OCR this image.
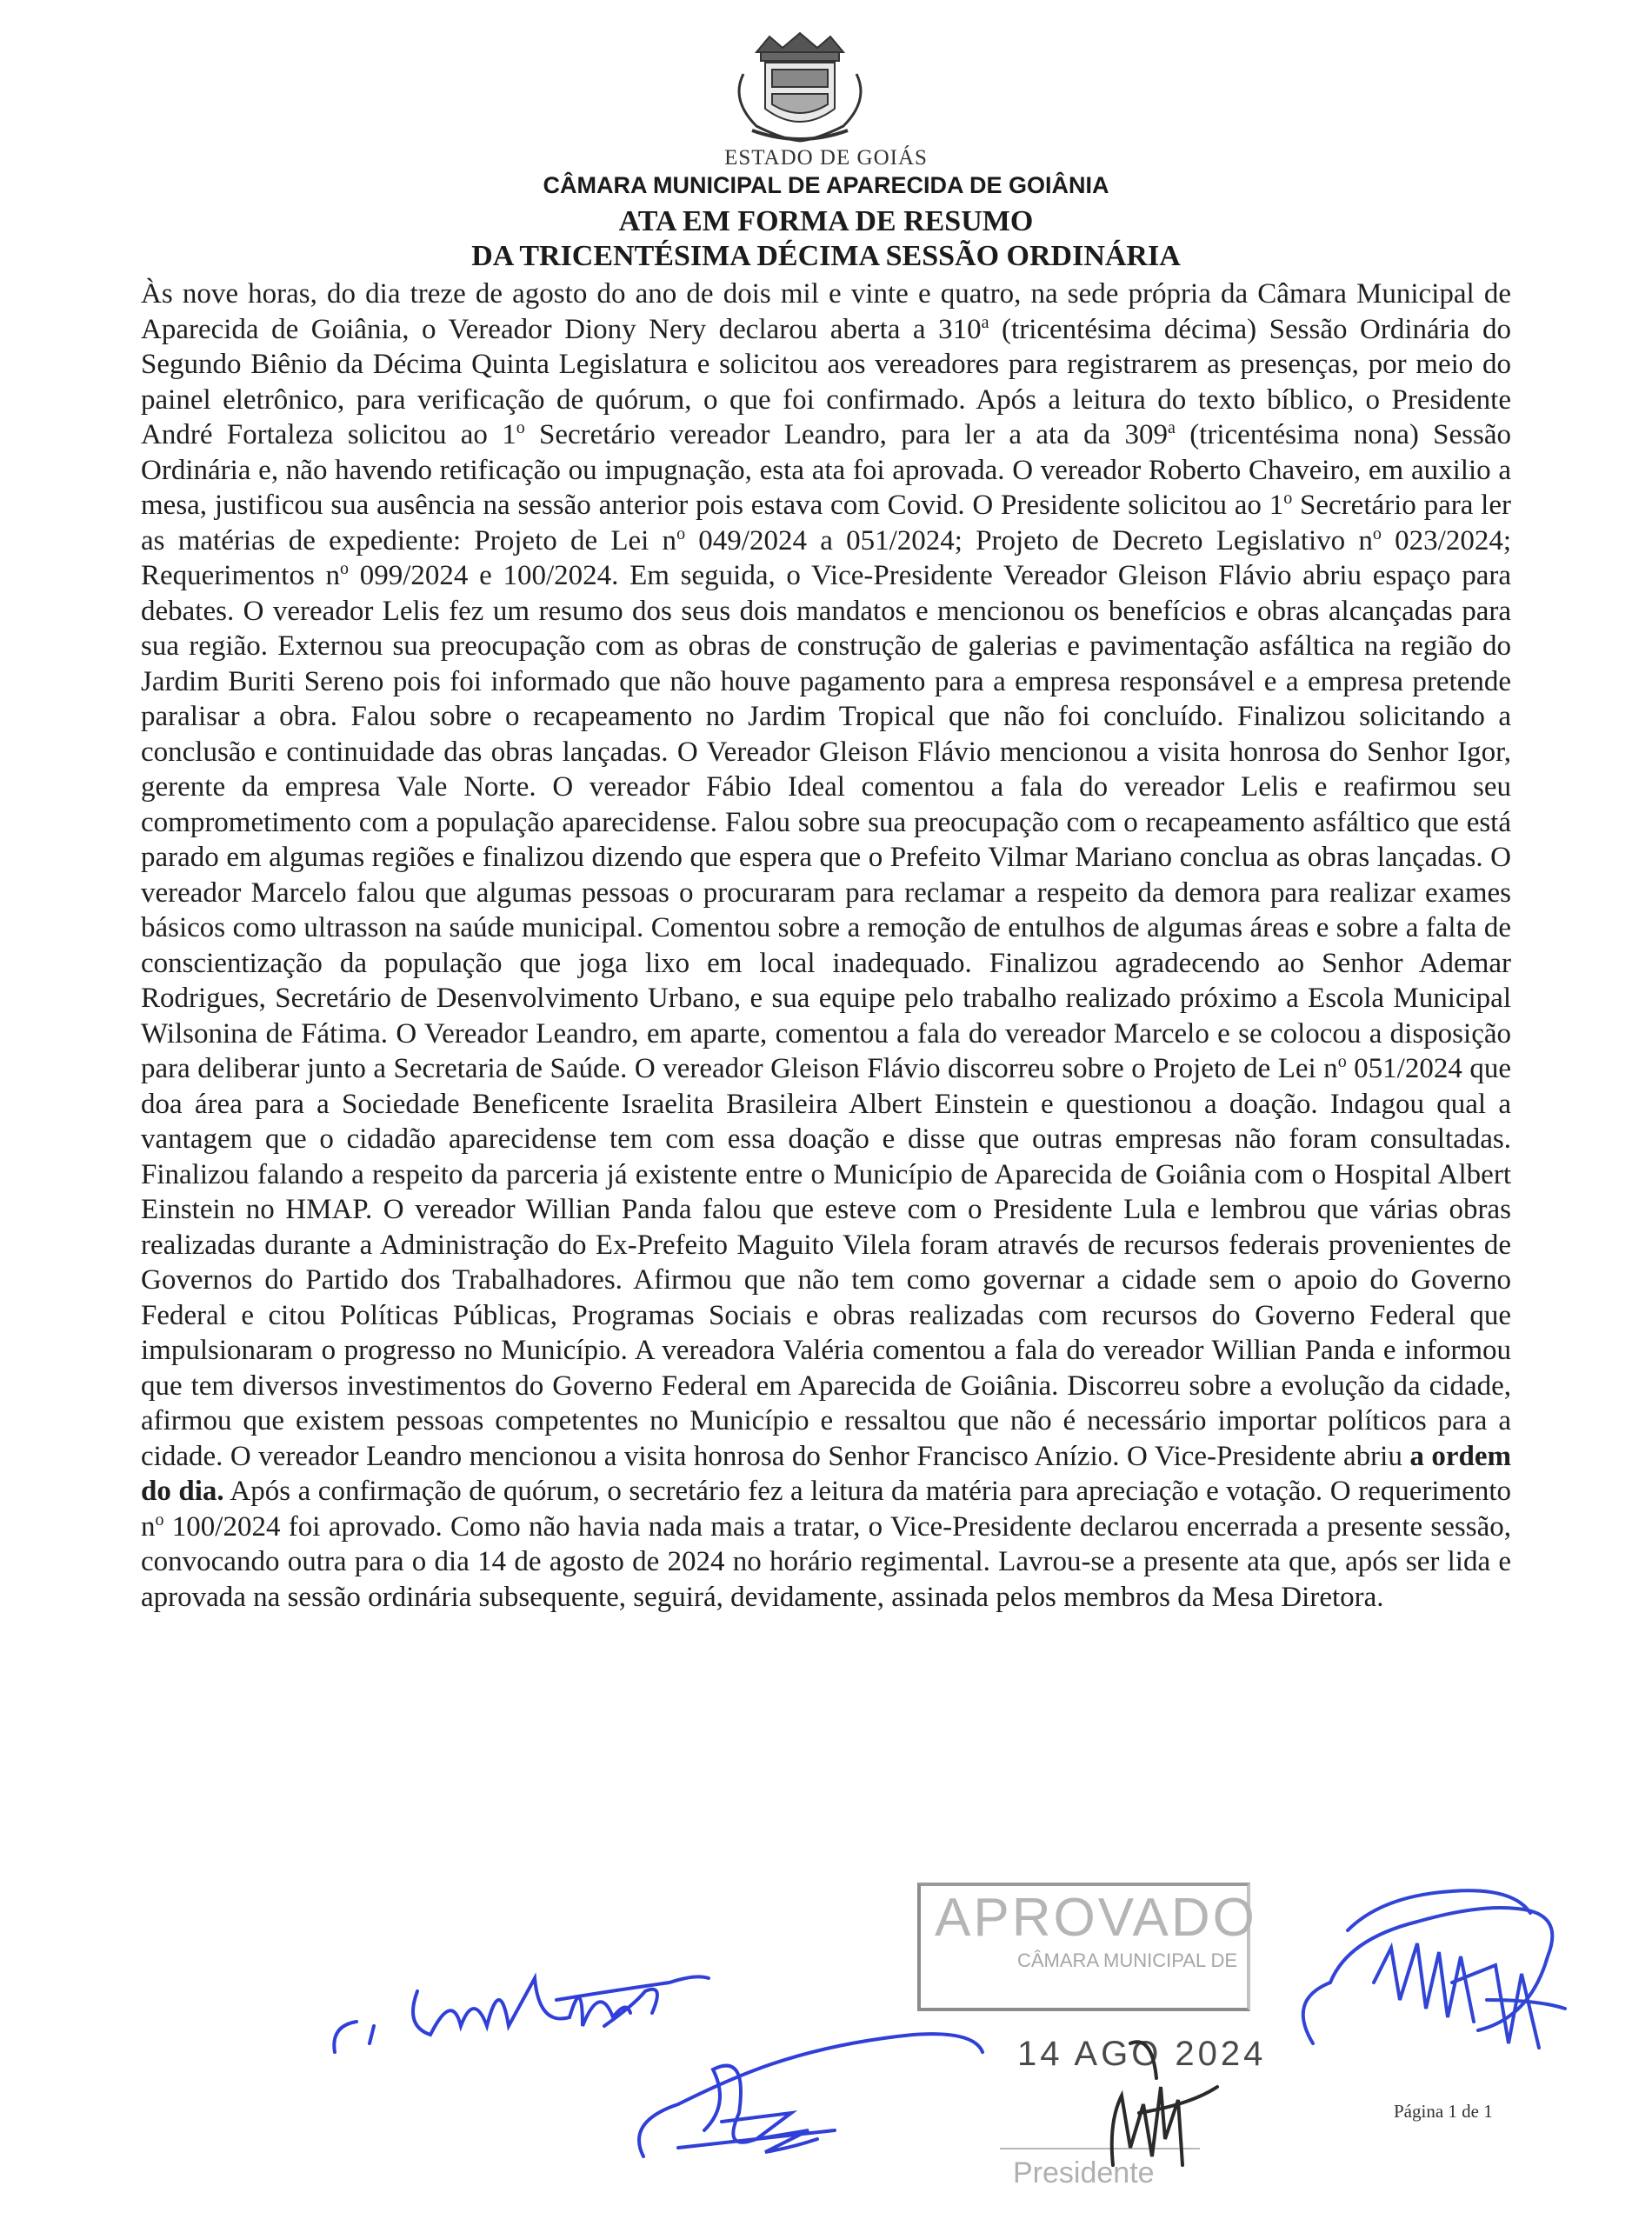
ESTADO DE GOIÁS
CÂMARA MUNICIPAL DE APARECIDA DE GOIÂNIA
ATA EM FORMA DE RESUMO
DA TRICENTÉSIMA DÉCIMA SESSÃO ORDINÁRIA
Às nove horas, do dia treze de agosto do ano de dois mil e vinte e quatro, na sede própria da Câmara Municipal de Aparecida de Goiânia, o Vereador Diony Nery declarou aberta a 310$^a$ (tricentésima décima) Sessão Ordinária do Segundo Biênio da Décima Quinta Legislatura e solicitou aos vereadores para registrarem as presenças, por meio do painel eletrônico, para verificação de quórum, o que foi confirmado. Após a leitura do texto bíblico, o Presidente André Fortaleza solicitou ao 1$^o$ Secretário vereador Leandro, para ler a ata da 309$^a$ (tricentésima nona) Sessão Ordinária e, não havendo retificação ou impugnação, esta ata foi aprovada. O vereador Roberto Chaveiro, em auxilio a mesa, justificou sua ausência na sessão anterior pois estava com Covid. O Presidente solicitou ao 1$^o$ Secretário para ler as matérias de expediente: Projeto de Lei $n^o$ 049/2024 a 051/2024; Projeto de Decreto Legislativo $n^o$ 023/2024; Requerimentos $n^o$ 099/2024 e 100/2024. Em seguida, o Vice-Presidente Vereador Gleison Flávio abriu espaço para debates. O vereador Lelis fez um resumo dos seus dois mandatos e mencionou os benefícios e obras alcançadas para sua região. Externou sua preocupação com as obras de construção de galerias e pavimentação asfáltica na região do Jardim Buriti Sereno pois foi informado que não houve pagamento para a empresa responsável e a empresa pretende paralisar a obra. Falou sobre o recapeamento no Jardim Tropical que não foi concluído. Finalizou solicitando a conclusão e continuidade das obras lançadas. O Vereador Gleison Flávio mencionou a visita honrosa do Senhor Igor, gerente da empresa Vale Norte. O vereador Fábio Ideal comentou a fala do vereador Lelis e reafirmou seu comprometimento com a população aparecidense. Falou sobre sua preocupação com o recapeamento asfáltico que está parado em algumas regiões e finalizou dizendo que espera que o Prefeito Vilmar Mariano conclua as obras lançadas. O vereador Marcelo falou que algumas pessoas o procuraram para reclamar a respeito da demora para realizar exames básicos como ultrasson na saúde municipal. Comentou sobre a remoção de entulhos de algumas áreas e sobre a falta de conscientização da população que joga lixo em local inadequado. Finalizou agradecendo ao Senhor Ademar Rodrigues, Secretário de Desenvolvimento Urbano, e sua equipe pelo trabalho realizado próximo a Escola Municipal Wilsonina de Fátima. O Vereador Leandro, em aparte, comentou a fala do vereador Marcelo e se colocou a disposição para deliberar junto a Secretaria de Saúde. O vereador Gleison Flávio discorreu sobre o Projeto de Lei $n^o$ 051/2024 que doa área para a Sociedade Beneficente Israelita Brasileira Albert Einstein e questionou a doação. Indagou qual a vantagem que o cidadão aparecidense tem com essa doação e disse que outras empresas não foram consultadas. Finalizou falando a respeito da parceria já existente entre o Município de Aparecida de Goiânia com o Hospital Albert Einstein no HMAP. O vereador Willian Panda falou que esteve com o Presidente Lula e lembrou que várias obras realizadas durante a Administração do Ex-Prefeito Maguito Vilela foram através de recursos federais provenientes de Governos do Partido dos Trabalhadores. Afirmou que não tem como governar a cidade sem o apoio do Governo Federal e citou Políticas Públicas, Programas Sociais e obras realizadas com recursos do Governo Federal que impulsionaram o progresso no Município. A vereadora Valéria comentou a fala do vereador Willian Panda e informou que tem diversos investimentos do Governo Federal em Aparecida de Goiânia. Discorreu sobre a evolução da cidade, afirmou que existem pessoas competentes no Município e ressaltou que não é necessário importar políticos para a cidade. O vereador Leandro mencionou a visita honrosa do Senhor Francisco Anízio. O Vice-Presidente abriu a ordem do dia. Após a confirmação de quórum, o secretário fez a leitura da matéria para apreciação e votação. O requerimento $n^o$ 100/2024 foi aprovado. Como não havia nada mais a tratar, o Vice-Presidente declarou encerrada a presente sessão, convocando outra para o dia 14 de agosto de 2024 no horário regimental. Lavrou-se a presente ata que, após ser lida e aprovada na sessão ordinária subsequente, seguirá, devidamente, assinada pelos membros da Mesa Diretora.
APROVADO
CÂMARA MUNICIPAL DE
14 AGO 2024
Presidente
Página 1 de 1
